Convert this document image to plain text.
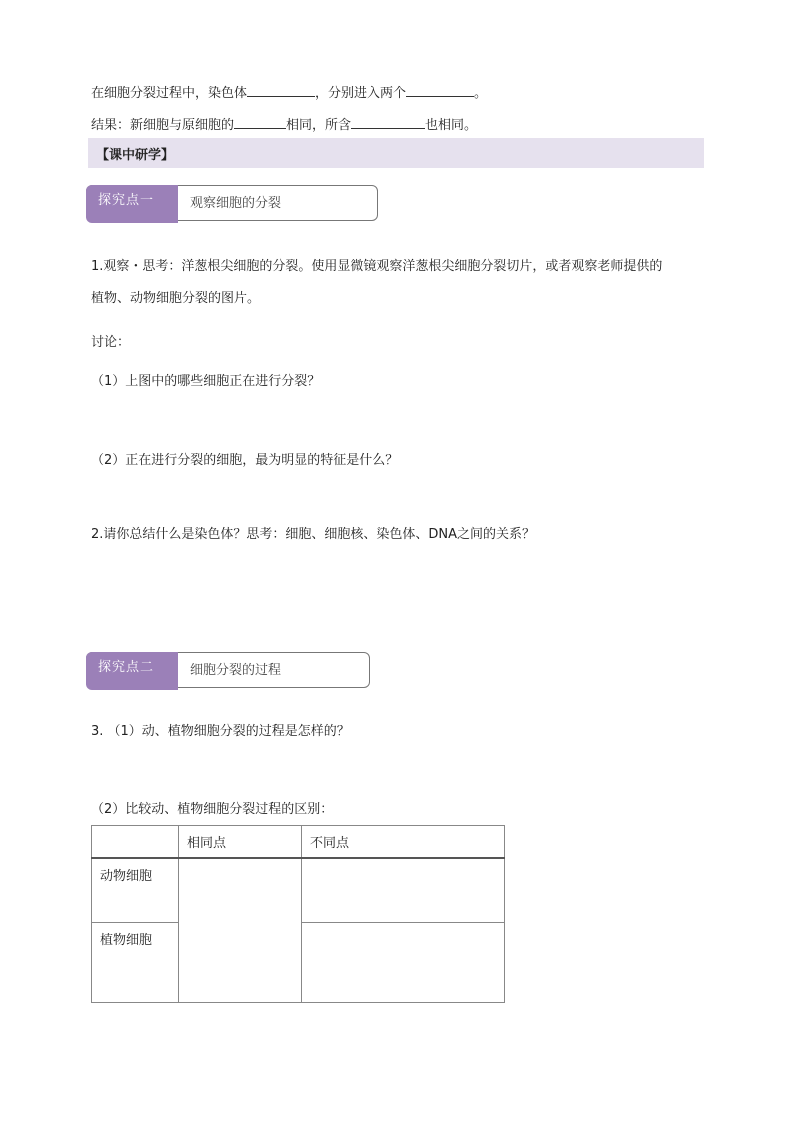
在细胞分裂过程中，染色体	，分别进入两个	。
结果：新细胞与原细胞的	相同，所含	也相同。
【课中研学】
探究点一	观察细胞的分裂
1.观察・思考：洋葱根尖细胞的分裂。使用显微镜观察洋葱根尖细胞分裂切片，或者观察老师提供的
植物、动物细胞分裂的图片。
讨论：
（1）上图中的哪些细胞正在进行分裂？
（2）正在进行分裂的细胞，最为明显的特征是什么？
2.请你总结什么是染色体？思考：细胞、细胞核、染色体、DNA之间的关系？
探究点二	细胞分裂的过程
3. （1）动、植物细胞分裂的过程是怎样的？
（2）比较动、植物细胞分裂过程的区别：
	相同点	不同点
动物细胞		
植物细胞		
